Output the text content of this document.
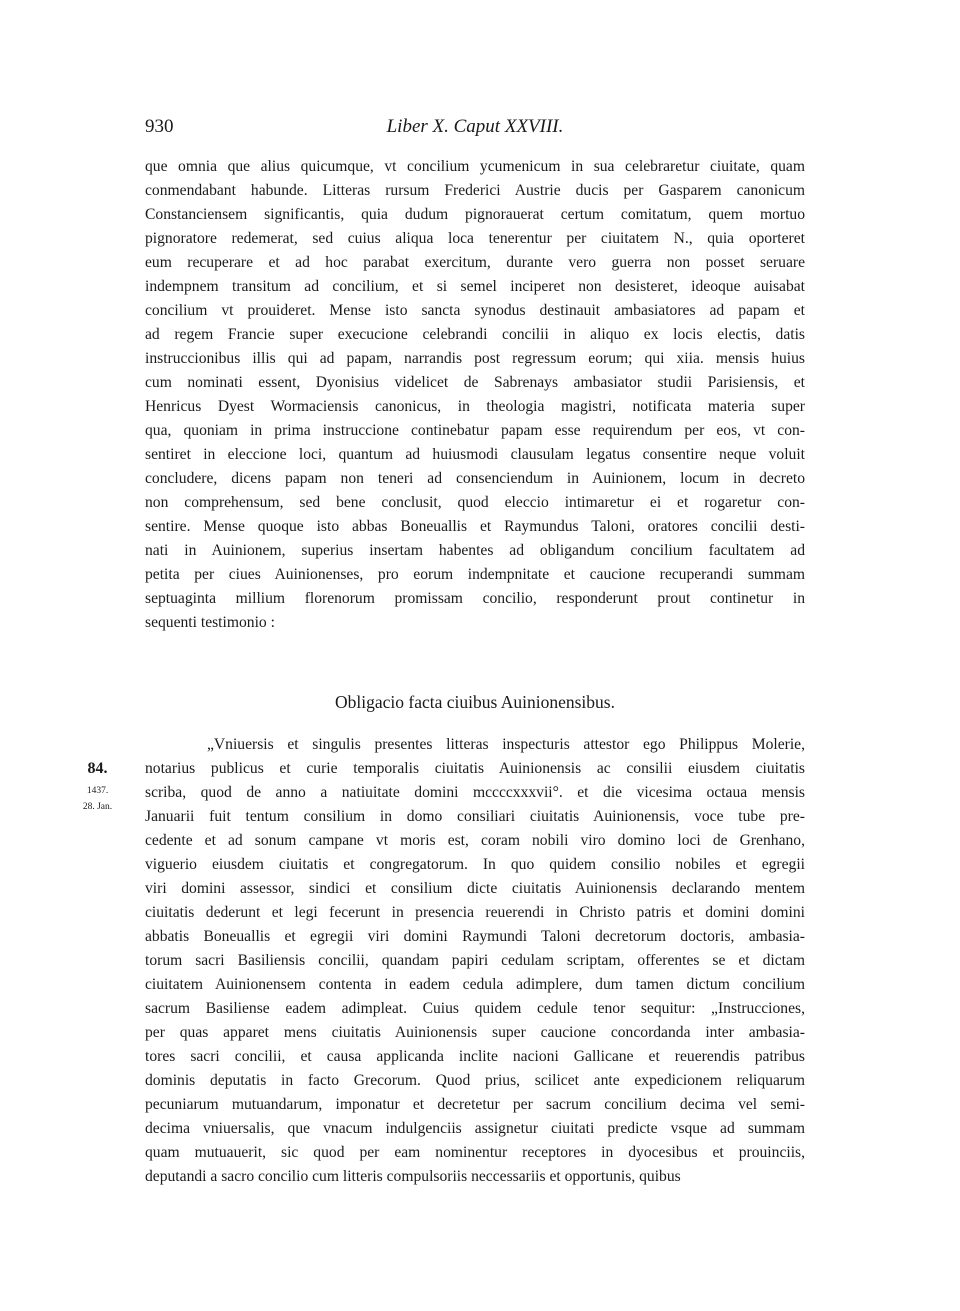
930	Liber X. Caput XXVIII.
que omnia que alius quicumque, vt concilium ycumenicum in sua celebraretur ciuitate, quam
conmendabant habunde. Litteras rursum Frederici Austrie ducis per Gasparem canonicum
Constanciensem significantis, quia dudum pignorauerat certum comitatum, quem mortuo
pignoratore redemerat, sed cuius aliqua loca tenerentur per ciuitatem N., quia oporteret
eum recuperare et ad hoc parabat exercitum, durante vero guerra non posset seruare
indempnem transitum ad concilium, et si semel inciperet non desisteret, ideoque auisabat
concilium vt prouideret. Mense isto sancta synodus destinauit ambasiatores ad papam et
ad regem Francie super execucione celebrandi concilii in aliquo ex locis electis, datis
instruccionibus illis qui ad papam, narrandis post regressum eorum; qui xiia. mensis huius
cum nominati essent, Dyonisius videlicet de Sabrenays ambasiator studii Parisiensis, et
Henricus Dyest Wormaciensis canonicus, in theologia magistri, notificata materia super
qua, quoniam in prima instruccione continebatur papam esse requirendum per eos, vt con-
sentiret in eleccione loci, quantum ad huiusmodi clausulam legatus consentire neque voluit
concludere, dicens papam non teneri ad consenciendum in Auinionem, locum in decreto
non comprehensum, sed bene conclusit, quod eleccio intimaretur ei et rogaretur con-
sentire. Mense quoque isto abbas Boneuallis et Raymundus Taloni, oratores concilii desti-
nati in Auinionem, superius insertam habentes ad obligandum concilium facultatem ad
petita per ciues Auinionenses, pro eorum indempnitate et caucione recuperandi summam
septuaginta millium florenorum promissam concilio, responderunt prout continetur in
sequenti testimonio :
Obligacio facta ciuibus Auinionensibus.
84.
1437.
28. Jan.
„Vniuersis et singulis presentes litteras inspecturis attestor ego Philippus Molerie,
notarius publicus et curie temporalis ciuitatis Auinionensis ac consilii eiusdem ciuitatis
scriba, quod de anno a natiuitate domini mccccxxxvii°. et die vicesima octaua mensis
Januarii fuit tentum consilium in domo consiliari ciuitatis Auinionensis, voce tube pre-
cedente et ad sonum campane vt moris est, coram nobili viro domino loci de Grenhano,
viguerio eiusdem ciuitatis et congregatorum. In quo quidem consilio nobiles et egregii
viri domini assessor, sindici et consilium dicte ciuitatis Auinionensis declarando mentem
ciuitatis dederunt et legi fecerunt in presencia reuerendi in Christo patris et domini domini
abbatis Boneuallis et egregii viri domini Raymundi Taloni decretorum doctoris, ambasia-
torum sacri Basiliensis concilii, quandam papiri cedulam scriptam, offerentes se et dictam
ciuitatem Auinionensem contenta in eadem cedula adimplere, dum tamen dictum concilium
sacrum Basiliense eadem adimpleat. Cuius quidem cedule tenor sequitur: „Instrucciones,
per quas apparet mens ciuitatis Auinionensis super caucione concordanda inter ambasia-
tores sacri concilii, et causa applicanda inclite nacioni Gallicane et reuerendis patribus
dominis deputatis in facto Grecorum. Quod prius, scilicet ante expedicionem reliquarum
pecuniarum mutuandarum, imponatur et decretetur per sacrum concilium decima vel semi-
decima vniuersalis, que vnacum indulgenciis assignetur ciuitati predicte vsque ad summam
quam mutuauerit, sic quod per eam nominentur receptores in dyocesibus et prouinciis,
deputandi a sacro concilio cum litteris compulsoriis neccessariis et opportunis, quibus
